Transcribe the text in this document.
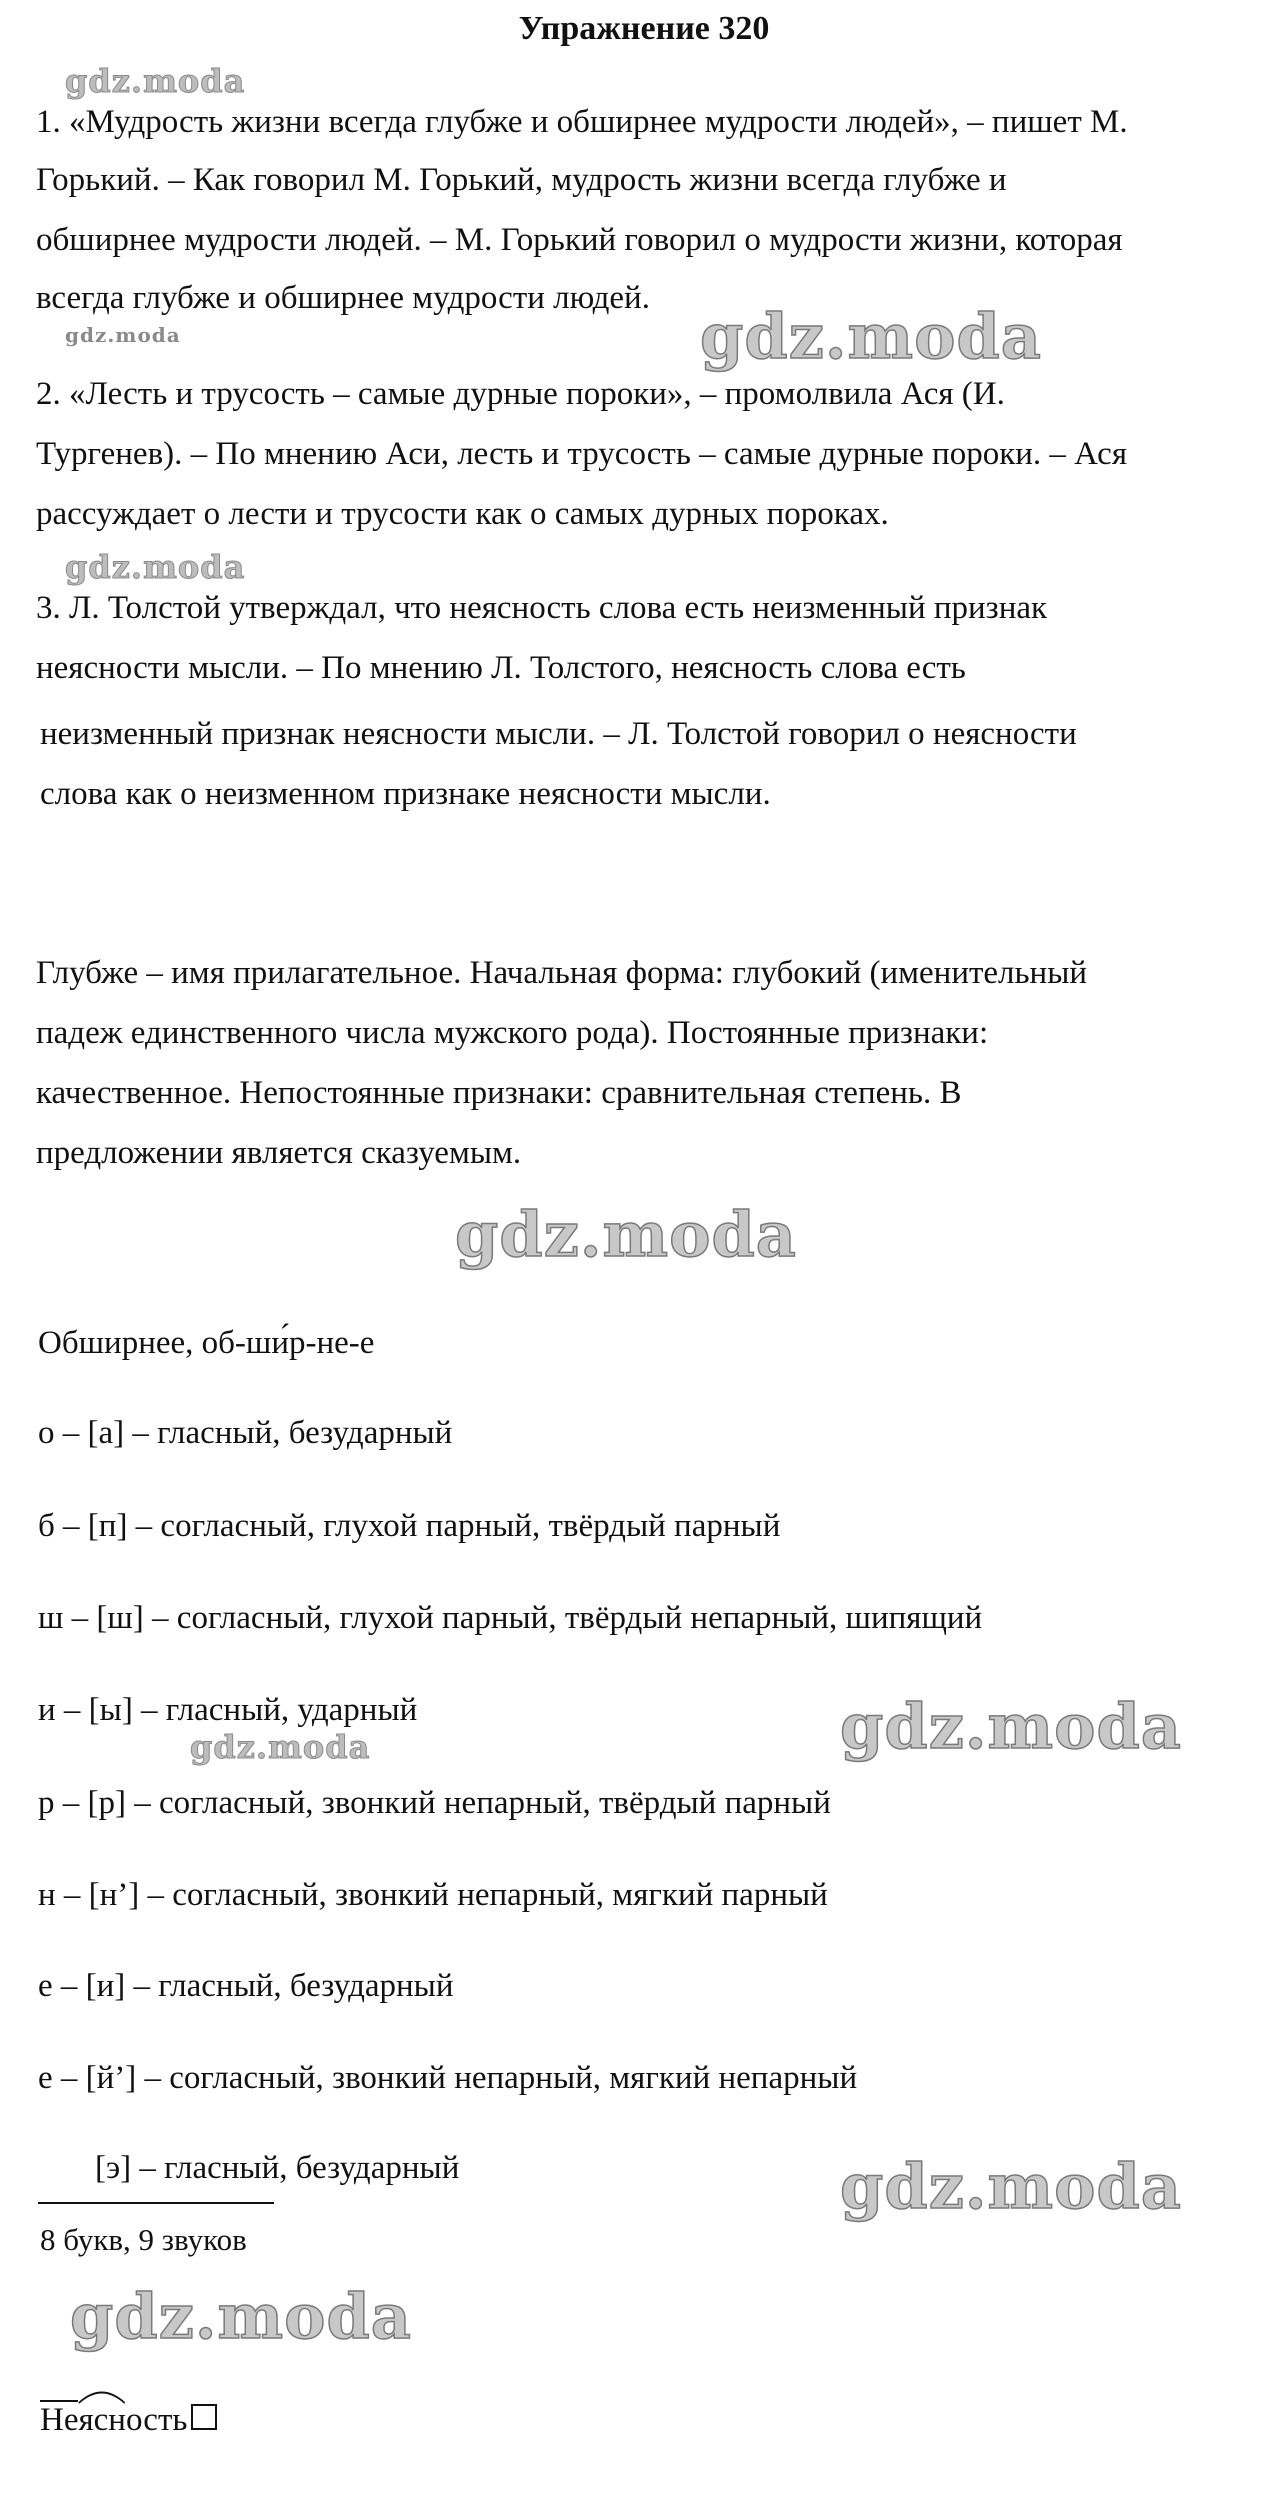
Упражнение 320
gdz.moda
gdz.moda	gdz.moda
gdz.moda
gdz.moda
gdz.moda
gdz.moda
gdz.moda
gdz.moda
1. «Мудрость жизни всегда глубже и обширнее мудрости людей», – пишет М.
Горький. – Как говорил М. Горький, мудрость жизни всегда глубже и
обширнее мудрости людей. – М. Горький говорил о мудрости жизни, которая
всегда глубже и обширнее мудрости людей.
2. «Лесть и трусость – самые дурные пороки», – промолвила Ася (И.
Тургенев). – По мнению Аси, лесть и трусость – самые дурные пороки. – Ася
рассуждает о лести и трусости как о самых дурных пороках.
3. Л. Толстой утверждал, что неясность слова есть неизменный признак
неясности мысли. – По мнению Л. Толстого, неясность слова есть
неизменный признак неясности мысли. – Л. Толстой говорил о неясности
слова как о неизменном признаке неясности мысли.
Глубже – имя прилагательное. Начальная форма: глубокий (именительный
падеж единственного числа мужского рода). Постоянные признаки:
качественное. Непостоянные признаки: сравнительная степень. В
предложении является сказуемым.
Обширнее, об-шир-не-е
о – [а] – гласный, безударный
б – [п] – согласный, глухой парный, твёрдый парный
ш – [ш] – согласный, глухой парный, твёрдый непарный, шипящий
и – [ы] – гласный, ударный
р – [р] – согласный, звонкий непарный, твёрдый парный
н – [н’] – согласный, звонкий непарный, мягкий парный
е – [и] – гласный, безударный
е – [й’] – согласный, звонкий непарный, мягкий непарный
[э] – гласный, безударный
8 букв, 9 звуков
Не ясн ость
